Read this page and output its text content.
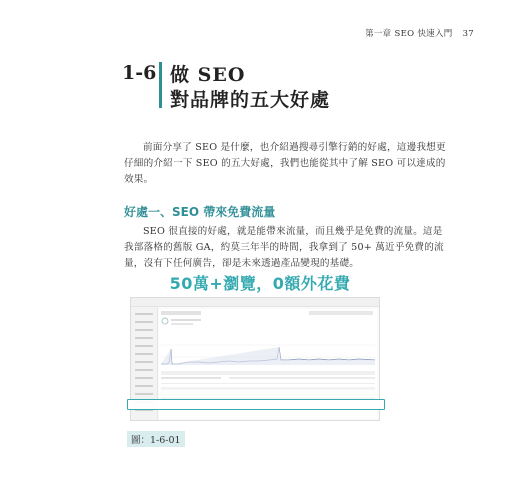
第一章 SEO 快速入門 37
1-6 做 SEO
對品牌的五大好處
前面分享了 SEO 是什麼，也介紹過搜尋引擎行銷的好處，這邊我想更
仔細的介紹一下 SEO 的五大好處，我們也能從其中了解 SEO 可以達成的
效果。
好處一、SEO 帶來免費流量
SEO 很直接的好處，就是能帶來流量，而且幾乎是免費的流量。這是
我部落格的舊版 GA，約莫三年半的時間，我拿到了 50+ 萬近乎免費的流
量，沒有下任何廣告，卻是未來透過產品變現的基礎。
50萬+瀏覽，0額外花費
圖：1-6-01
